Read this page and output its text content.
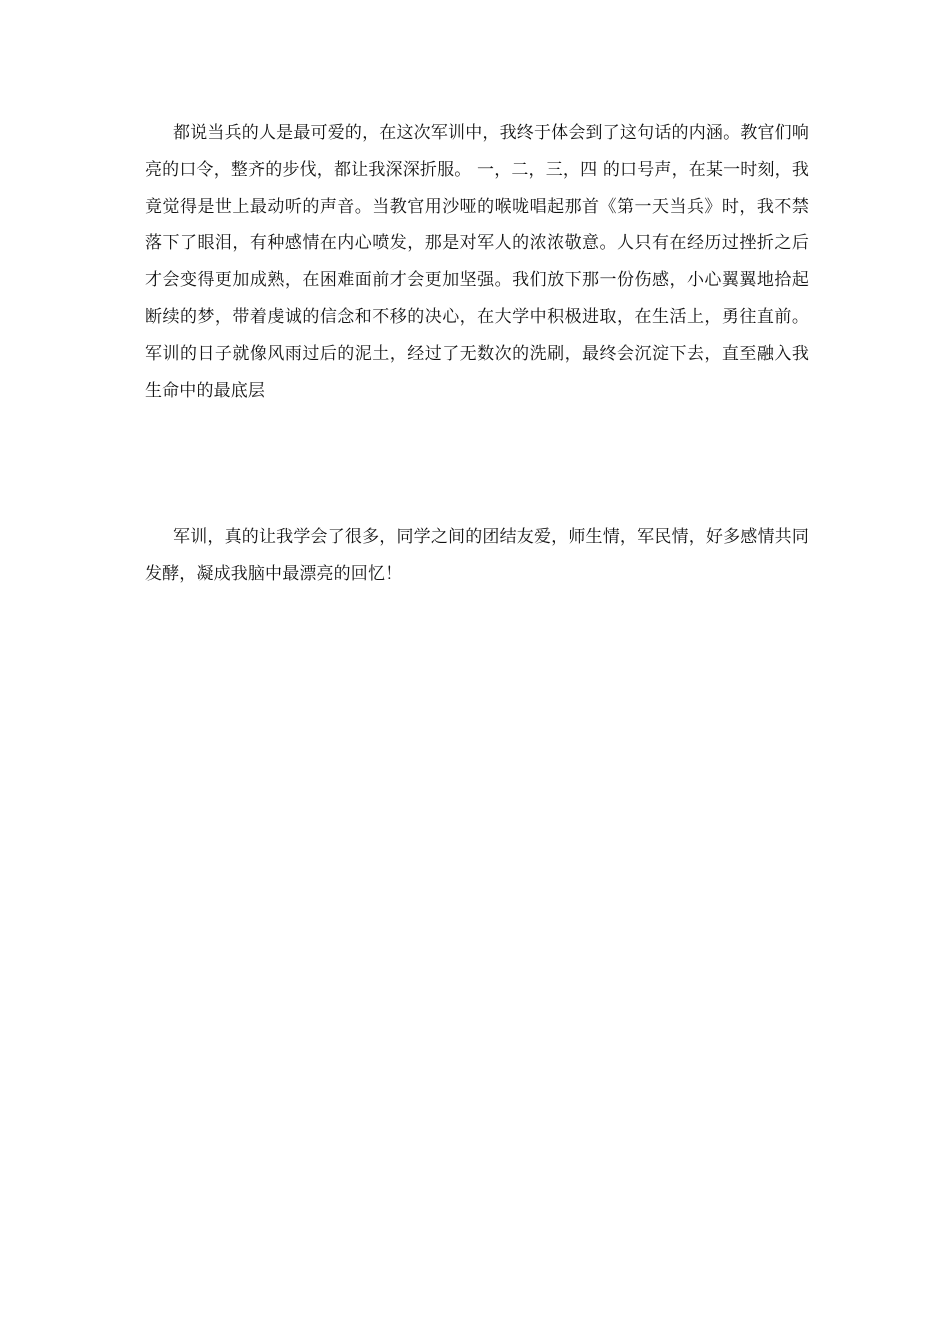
都说当兵的人是最可爱的，在这次军训中，我终于体会到了这句话的内涵。教官们响亮的口令，整齐的步伐，都让我深深折服。 一，二，三，四 的口号声，在某一时刻，我竟觉得是世上最动听的声音。当教官用沙哑的喉咙唱起那首《第一天当兵》时，我不禁落下了眼泪，有种感情在内心喷发，那是对军人的浓浓敬意。人只有在经历过挫折之后才会变得更加成熟，在困难面前才会更加坚强。我们放下那一份伤感，小心翼翼地拾起断续的梦，带着虔诚的信念和不移的决心，在大学中积极进取，在生活上，勇往直前。军训的日子就像风雨过后的泥土，经过了无数次的洗刷，最终会沉淀下去，直至融入我生命中的最底层

军训，真的让我学会了很多，同学之间的团结友爱，师生情，军民情，好多感情共同发酵，凝成我脑中最漂亮的回忆！
